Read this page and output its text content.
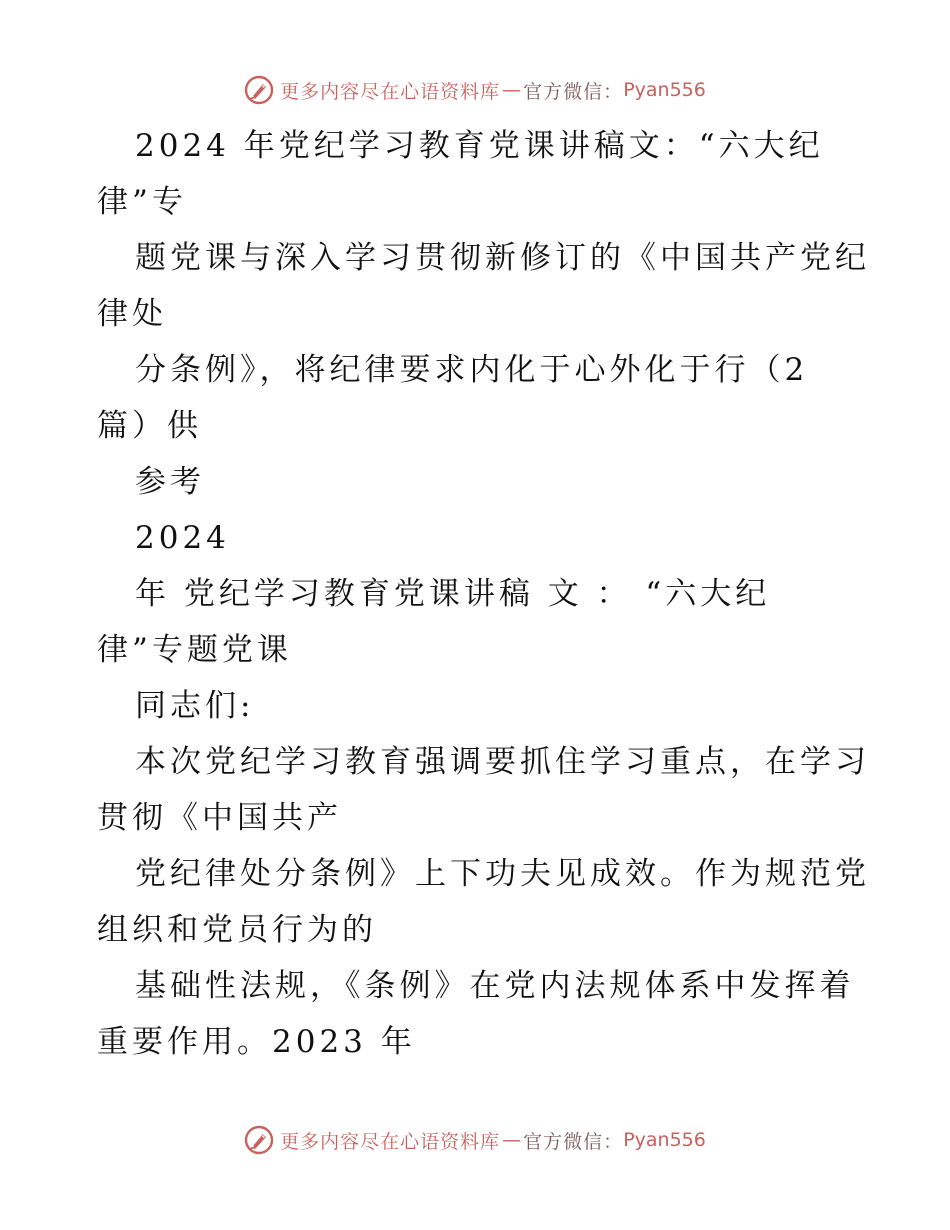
更多内容尽在心语资料库 — 官方微信： Pyan556
2024 年党纪学习教育党课讲稿文：“六大纪
律”专
题党课与深入学习贯彻新修订的《中国共产党纪
律处
分条例》，将纪律要求内化于心外化于行（2
篇）供
参考
2024
年 党纪学习教育党课讲稿 文 ： “六大纪
律”专题党课
同志们:
本次党纪学习教育强调要抓住学习重点，在学习
贯彻《中国共产
党纪律处分条例》上下功夫见成效。作为规范党
组织和党员行为的
基础性法规，《条例》在党内法规体系中发挥着
重要作用。2023 年
更多内容尽在心语资料库 — 官方微信： Pyan556
